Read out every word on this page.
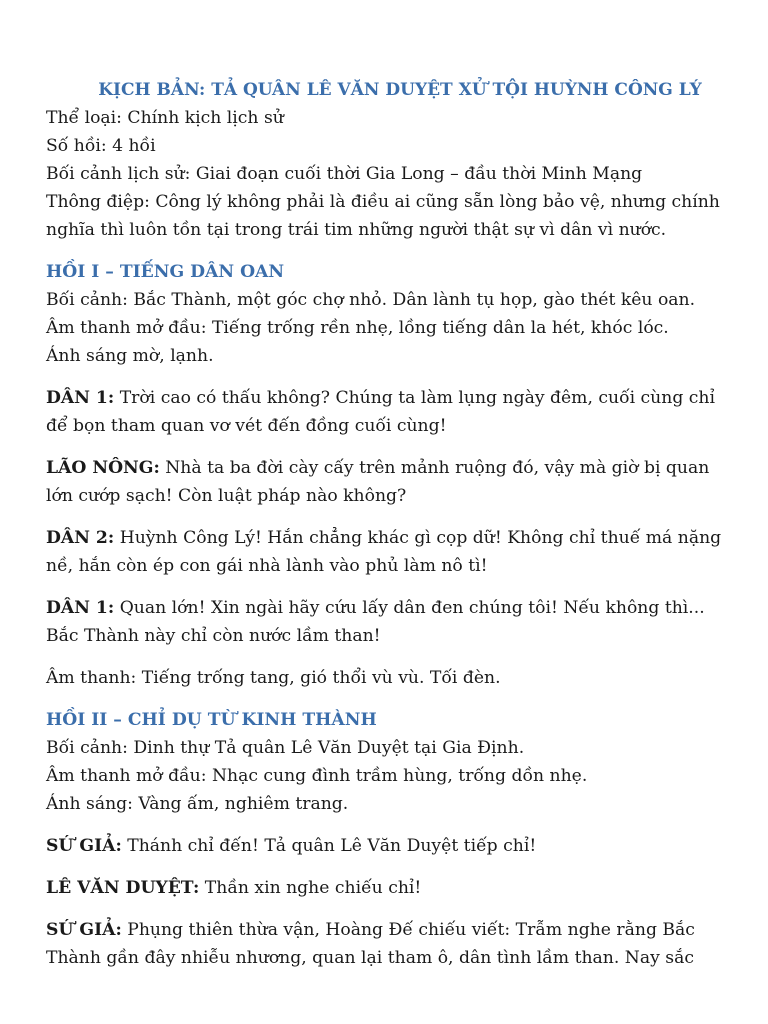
KỊCH BẢN: TẢ QUÂN LÊ VĂN DUYỆT XỬ TỘI HUỲNH CÔNG LÝ

Thể loại: Chính kịch lịch sử

Số hồi: 4 hồi

Bối cảnh lịch sử: Giai đoạn cuối thời Gia Long – đầu thời Minh Mạng

Thông điệp: Công lý không phải là điều ai cũng sẵn lòng bảo vệ, nhưng chính nghĩa thì luôn tồn tại trong trái tim những người thật sự vì dân vì nước.

HỒI I – TIẾNG DÂN OAN

Bối cảnh: Bắc Thành, một góc chợ nhỏ. Dân lành tụ họp, gào thét kêu oan.

Âm thanh mở đầu: Tiếng trống rền nhẹ, lồng tiếng dân la hét, khóc lóc.

Ánh sáng mờ, lạnh.

DÂN 1: Trời cao có thấu không? Chúng ta làm lụng ngày đêm, cuối cùng chỉ để bọn tham quan vơ vét đến đồng cuối cùng!

LÃO NÔNG: Nhà ta ba đời cày cấy trên mảnh ruộng đó, vậy mà giờ bị quan lớn cướp sạch! Còn luật pháp nào không?

DÂN 2: Huỳnh Công Lý! Hắn chẳng khác gì cọp dữ! Không chỉ thuế má nặng nề, hắn còn ép con gái nhà lành vào phủ làm nô tì!

DÂN 1: Quan lớn! Xin ngài hãy cứu lấy dân đen chúng tôi! Nếu không thì... Bắc Thành này chỉ còn nước lầm than!

Âm thanh: Tiếng trống tang, gió thổi vù vù. Tối đèn.

HỒI II – CHỈ DỤ TỪ KINH THÀNH

Bối cảnh: Dinh thự Tả quân Lê Văn Duyệt tại Gia Định.

Âm thanh mở đầu: Nhạc cung đình trầm hùng, trống dồn nhẹ.

Ánh sáng: Vàng ấm, nghiêm trang.

SỨ GIẢ: Thánh chỉ đến! Tả quân Lê Văn Duyệt tiếp chỉ!

LÊ VĂN DUYỆT: Thần xin nghe chiếu chỉ!

SỨ GIẢ: Phụng thiên thừa vận, Hoàng Đế chiếu viết: Trẫm nghe rằng Bắc Thành gần đây nhiễu nhương, quan lại tham ô, dân tình lầm than. Nay sắc
